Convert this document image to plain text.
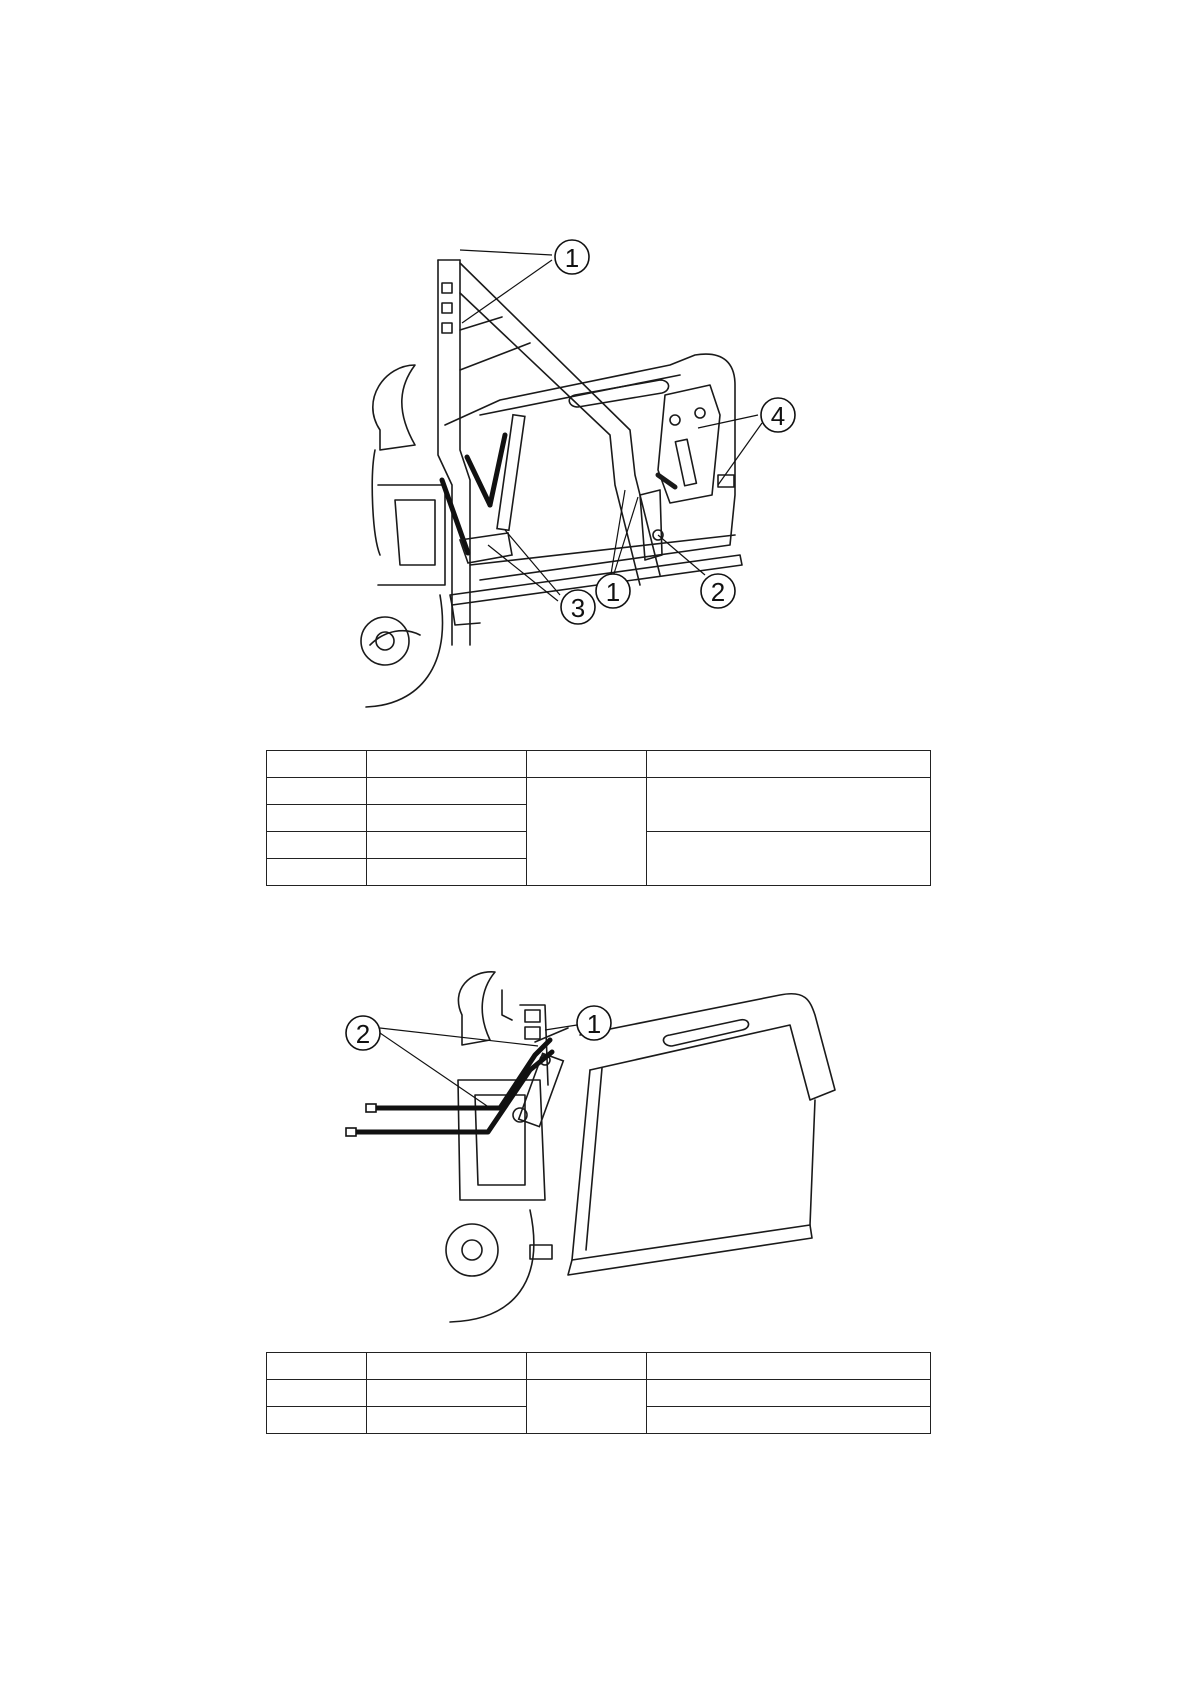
1
4
3
1	2

1
2
